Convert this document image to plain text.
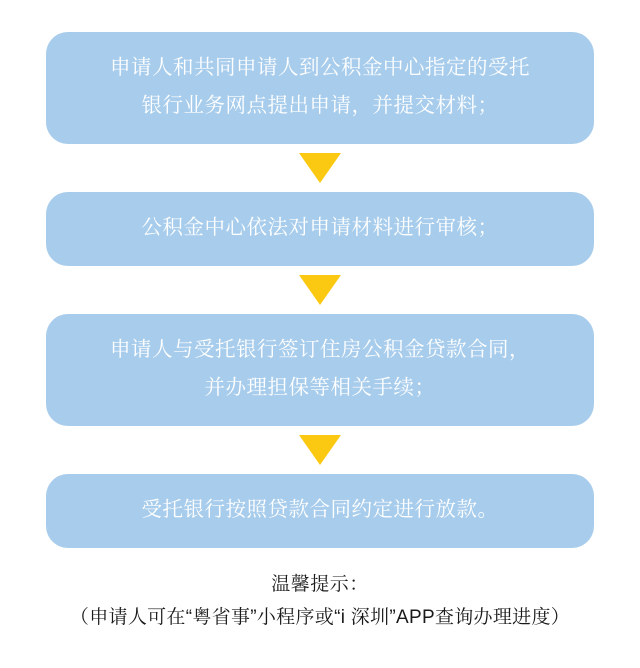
申请人和共同申请人到公积金中心指定的受托
银行业务网点提出申请，并提交材料；
公积金中心依法对申请材料进行审核；
申请人与受托银行签订住房公积金贷款合同，
并办理担保等相关手续；
受托银行按照贷款合同约定进行放款。
温馨提示：
（申请人可在“粤省事”小程序或“i 深圳”APP查询办理进度）
